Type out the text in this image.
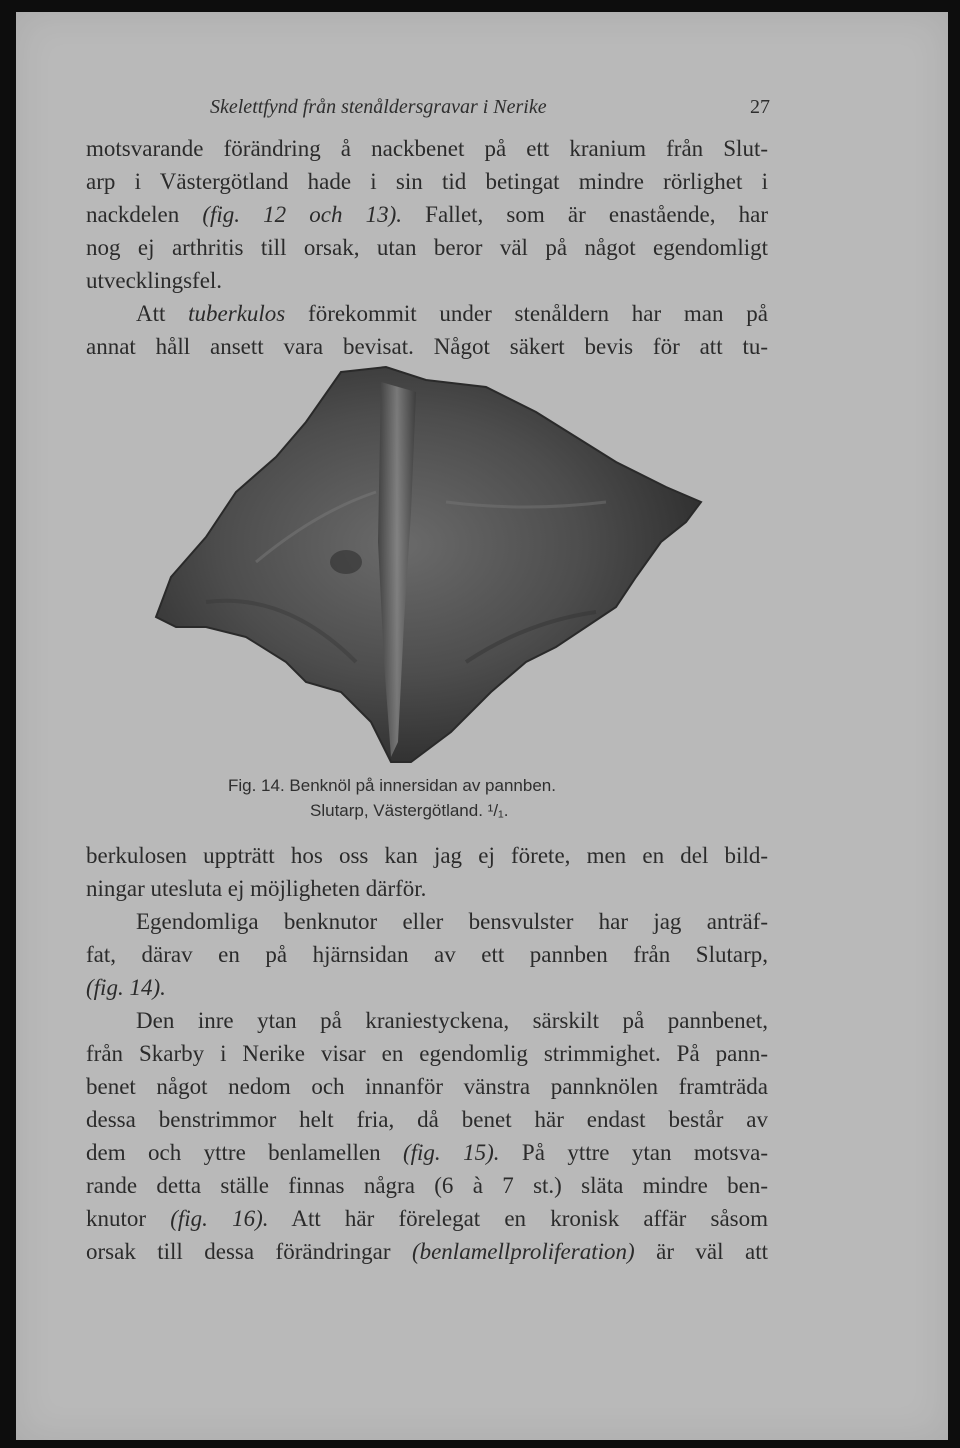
Skelettfynd från stenåldersgravar i Nerike	27
motsvarande förändring å nackbenet på ett kranium från Slut-
arp i Västergötland hade i sin tid betingat mindre rörlighet i
nackdelen (fig. 12 och 13). Fallet, som är enastående, har
nog ej arthritis till orsak, utan beror väl på något egendomligt
utvecklingsfel.
Att tuberkulos förekommit under stenåldern har man på
annat håll ansett vara bevisat. Något säkert bevis för att tu-
Fig. 14. Benknöl på innersidan av pannben.
Slutarp, Västergötland. ¹/₁.
berkulosen uppträtt hos oss kan jag ej förete, men en del bild-
ningar utesluta ej möjligheten därför.
Egendomliga benknutor eller bensvulster har jag anträf-
fat, därav en på hjärnsidan av ett pannben från Slutarp,
(fig. 14).
Den inre ytan på kraniestyckena, särskilt på pannbenet,
från Skarby i Nerike visar en egendomlig strimmighet. På pann-
benet något nedom och innanför vänstra pannknölen framträda
dessa benstrimmor helt fria, då benet här endast består av
dem och yttre benlamellen (fig. 15). På yttre ytan motsva-
rande detta ställe finnas några (6 à 7 st.) släta mindre ben-
knutor (fig. 16). Att här förelegat en kronisk affär såsom
orsak till dessa förändringar (benlamellproliferation) är väl att
